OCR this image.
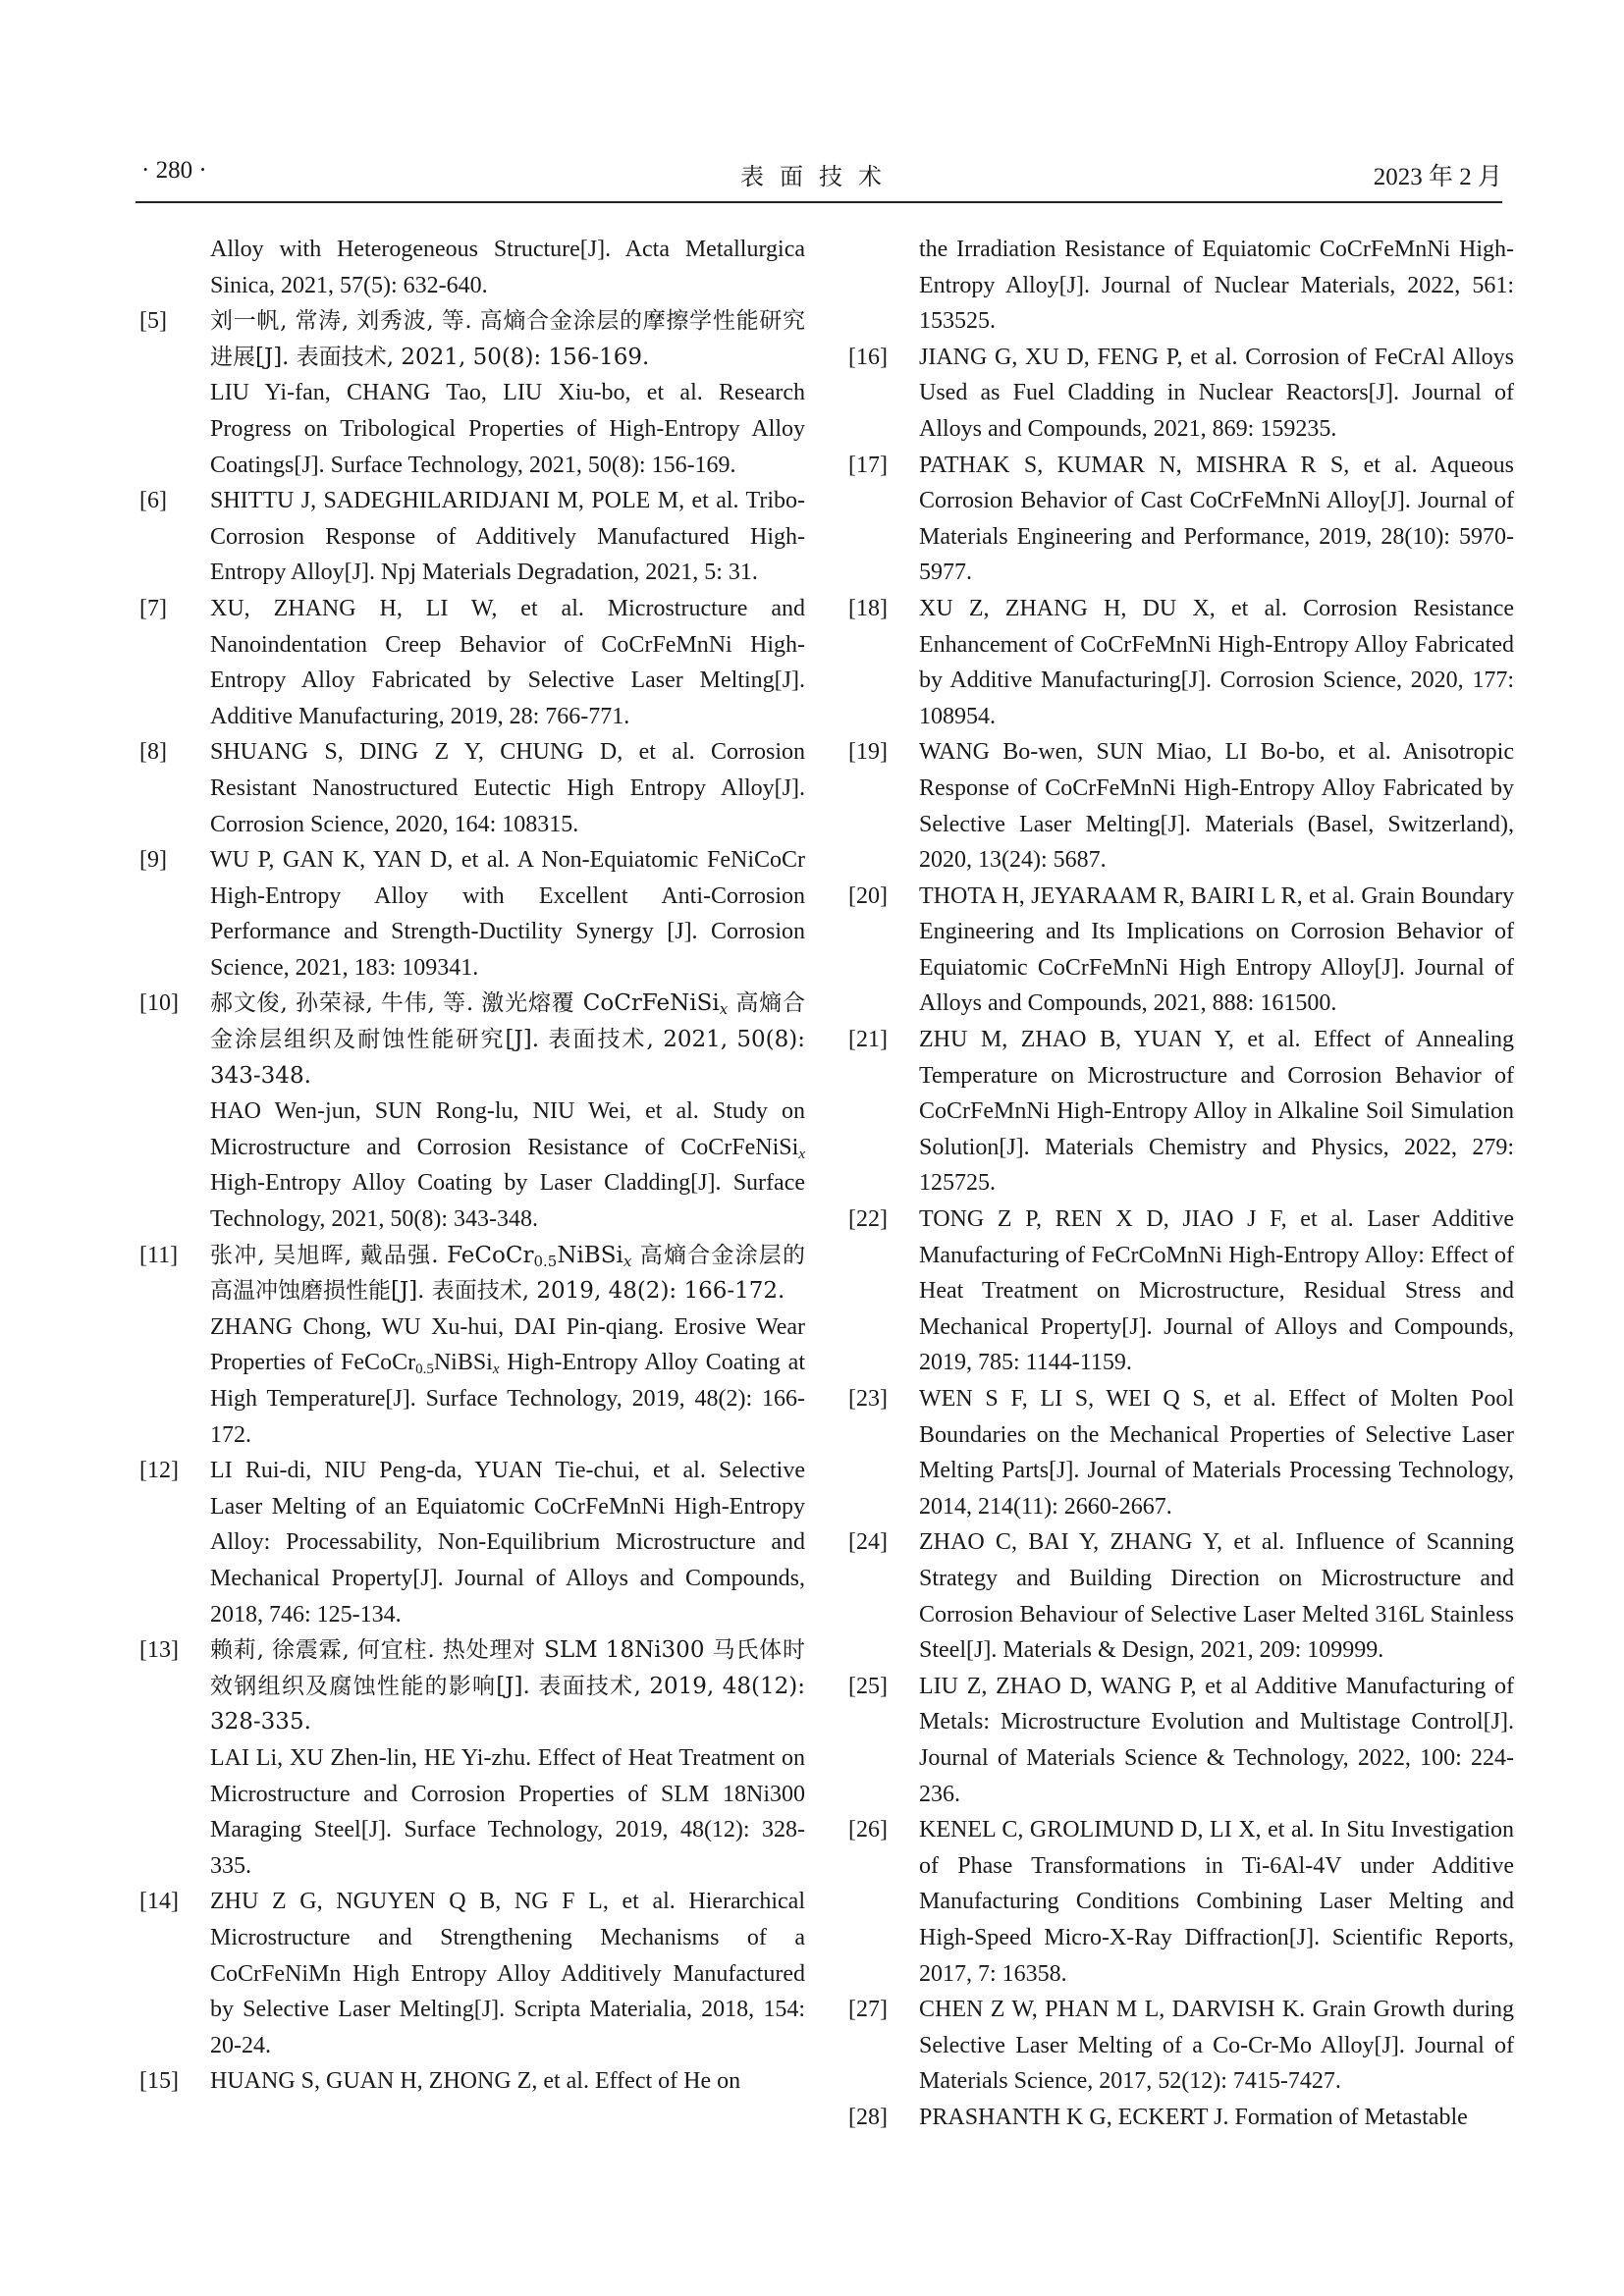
· 280 ·	表面技术	2023 年 2 月
Alloy with Heterogeneous Structure[J]. Acta Metallurgica Sinica, 2021, 57(5): 632-640.
[5] 刘一帆, 常涛, 刘秀波, 等. 高熵合金涂层的摩擦学性能研究进展[J]. 表面技术, 2021, 50(8): 156-169.
LIU Yi-fan, CHANG Tao, LIU Xiu-bo, et al. Research Progress on Tribological Properties of High-Entropy Alloy Coatings[J]. Surface Technology, 2021, 50(8): 156-169.
[6] SHITTU J, SADEGHILARIDJANI M, POLE M, et al. Tribo-Corrosion Response of Additively Manufactured High-Entropy Alloy[J]. Npj Materials Degradation, 2021, 5: 31.
[7] XU, ZHANG H, LI W, et al. Microstructure and Nanoindentation Creep Behavior of CoCrFeMnNi High-Entropy Alloy Fabricated by Selective Laser Melting[J]. Additive Manufacturing, 2019, 28: 766-771.
[8] SHUANG S, DING Z Y, CHUNG D, et al. Corrosion Resistant Nanostructured Eutectic High Entropy Alloy[J]. Corrosion Science, 2020, 164: 108315.
[9] WU P, GAN K, YAN D, et al. A Non-Equiatomic FeNiCoCr High-Entropy Alloy with Excellent Anti-Corrosion Performance and Strength-Ductility Synergy [J]. Corrosion Science, 2021, 183: 109341.
[10] 郝文俊, 孙荣禄, 牛伟, 等. 激光熔覆 CoCrFeNiSi$_x$ 高熵合金涂层组织及耐蚀性能研究[J]. 表面技术, 2021, 50(8): 343-348.
HAO Wen-jun, SUN Rong-lu, NIU Wei, et al. Study on Microstructure and Corrosion Resistance of CoCrFeNiSi$_x$ High-Entropy Alloy Coating by Laser Cladding[J]. Surface Technology, 2021, 50(8): 343-348.
[11] 张冲, 吴旭晖, 戴品强. FeCoCr$_{0.5}$NiBSi$_x$ 高熵合金涂层的高温冲蚀磨损性能[J]. 表面技术, 2019, 48(2): 166-172.
ZHANG Chong, WU Xu-hui, DAI Pin-qiang. Erosive Wear Properties of FeCoCr$_{0.5}$NiBSi$_x$ High-Entropy Alloy Coating at High Temperature[J]. Surface Technology, 2019, 48(2): 166-172.
[12] LI Rui-di, NIU Peng-da, YUAN Tie-chui, et al. Selective Laser Melting of an Equiatomic CoCrFeMnNi High-Entropy Alloy: Processability, Non-Equilibrium Microstructure and Mechanical Property[J]. Journal of Alloys and Compounds, 2018, 746: 125-134.
[13] 赖莉, 徐震霖, 何宜柱. 热处理对 SLM 18Ni300 马氏体时效钢组织及腐蚀性能的影响[J]. 表面技术, 2019, 48(12): 328-335.
LAI Li, XU Zhen-lin, HE Yi-zhu. Effect of Heat Treatment on Microstructure and Corrosion Properties of SLM 18Ni300 Maraging Steel[J]. Surface Technology, 2019, 48(12): 328-335.
[14] ZHU Z G, NGUYEN Q B, NG F L, et al. Hierarchical Microstructure and Strengthening Mechanisms of a CoCrFeNiMn High Entropy Alloy Additively Manufactured by Selective Laser Melting[J]. Scripta Materialia, 2018, 154: 20-24.
[15] HUANG S, GUAN H, ZHONG Z, et al. Effect of He on
the Irradiation Resistance of Equiatomic CoCrFeMnNi High-Entropy Alloy[J]. Journal of Nuclear Materials, 2022, 561: 153525.
[16] JIANG G, XU D, FENG P, et al. Corrosion of FeCrAl Alloys Used as Fuel Cladding in Nuclear Reactors[J]. Journal of Alloys and Compounds, 2021, 869: 159235.
[17] PATHAK S, KUMAR N, MISHRA R S, et al. Aqueous Corrosion Behavior of Cast CoCrFeMnNi Alloy[J]. Journal of Materials Engineering and Performance, 2019, 28(10): 5970-5977.
[18] XU Z, ZHANG H, DU X, et al. Corrosion Resistance Enhancement of CoCrFeMnNi High-Entropy Alloy Fabricated by Additive Manufacturing[J]. Corrosion Science, 2020, 177: 108954.
[19] WANG Bo-wen, SUN Miao, LI Bo-bo, et al. Anisotropic Response of CoCrFeMnNi High-Entropy Alloy Fabricated by Selective Laser Melting[J]. Materials (Basel, Switzerland), 2020, 13(24): 5687.
[20] THOTA H, JEYARAAM R, BAIRI L R, et al. Grain Boundary Engineering and Its Implications on Corrosion Behavior of Equiatomic CoCrFeMnNi High Entropy Alloy[J]. Journal of Alloys and Compounds, 2021, 888: 161500.
[21] ZHU M, ZHAO B, YUAN Y, et al. Effect of Annealing Temperature on Microstructure and Corrosion Behavior of CoCrFeMnNi High-Entropy Alloy in Alkaline Soil Simulation Solution[J]. Materials Chemistry and Physics, 2022, 279: 125725.
[22] TONG Z P, REN X D, JIAO J F, et al. Laser Additive Manufacturing of FeCrCoMnNi High-Entropy Alloy: Effect of Heat Treatment on Microstructure, Residual Stress and Mechanical Property[J]. Journal of Alloys and Compounds, 2019, 785: 1144-1159.
[23] WEN S F, LI S, WEI Q S, et al. Effect of Molten Pool Boundaries on the Mechanical Properties of Selective Laser Melting Parts[J]. Journal of Materials Processing Technology, 2014, 214(11): 2660-2667.
[24] ZHAO C, BAI Y, ZHANG Y, et al. Influence of Scanning Strategy and Building Direction on Microstructure and Corrosion Behaviour of Selective Laser Melted 316L Stainless Steel[J]. Materials & Design, 2021, 209: 109999.
[25] LIU Z, ZHAO D, WANG P, et al Additive Manufacturing of Metals: Microstructure Evolution and Multistage Control[J]. Journal of Materials Science & Technology, 2022, 100: 224-236.
[26] KENEL C, GROLIMUND D, LI X, et al. In Situ Investigation of Phase Transformations in Ti-6Al-4V under Additive Manufacturing Conditions Combining Laser Melting and High-Speed Micro-X-Ray Diffraction[J]. Scientific Reports, 2017, 7: 16358.
[27] CHEN Z W, PHAN M L, DARVISH K. Grain Growth during Selective Laser Melting of a Co-Cr-Mo Alloy[J]. Journal of Materials Science, 2017, 52(12): 7415-7427.
[28] PRASHANTH K G, ECKERT J. Formation of Metastable
